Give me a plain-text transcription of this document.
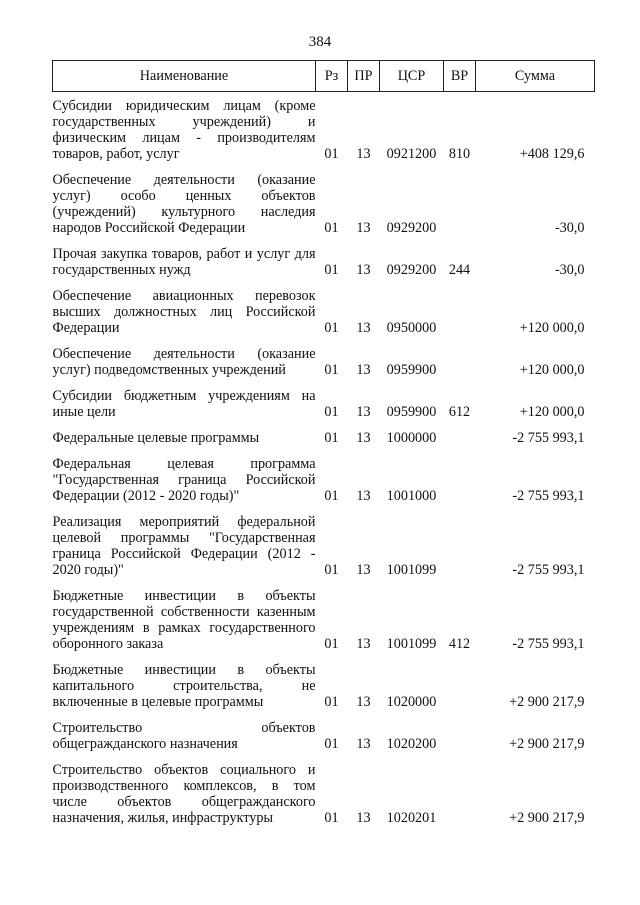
384
Наименование	Рз	ПР	ЦСР	ВР	Сумма
Субсидии юридическим лицам (кроме государственных учреждений) и физическим лицам - производителям товаров, работ, услуг	01	13	0921200	810	+408 129,6
Обеспечение деятельности (оказание услуг) особо ценных объектов (учреждений) культурного наследия народов Российской Федерации	01	13	0929200		-30,0
Прочая закупка товаров, работ и услуг для государственных нужд	01	13	0929200	244	-30,0
Обеспечение авиационных перевозок высших должностных лиц Российской Федерации	01	13	0950000		+120 000,0
Обеспечение деятельности (оказание услуг) подведомственных учреждений	01	13	0959900		+120 000,0
Субсидии бюджетным учреждениям на иные цели	01	13	0959900	612	+120 000,0
Федеральные целевые программы	01	13	1000000		-2 755 993,1
Федеральная целевая программа "Государственная граница Российской Федерации (2012 - 2020 годы)"	01	13	1001000		-2 755 993,1
Реализация мероприятий федеральной целевой программы "Государственная граница Российской Федерации (2012 - 2020 годы)"	01	13	1001099		-2 755 993,1
Бюджетные инвестиции в объекты государственной собственности казенным учреждениям в рамках государственного оборонного заказа	01	13	1001099	412	-2 755 993,1
Бюджетные инвестиции в объекты капитального строительства, не включенные в целевые программы	01	13	1020000		+2 900 217,9
Строительство объектов общегражданского назначения	01	13	1020200		+2 900 217,9
Строительство объектов социального и производственного комплексов, в том числе объектов общегражданского назначения, жилья, инфраструктуры	01	13	1020201		+2 900 217,9
